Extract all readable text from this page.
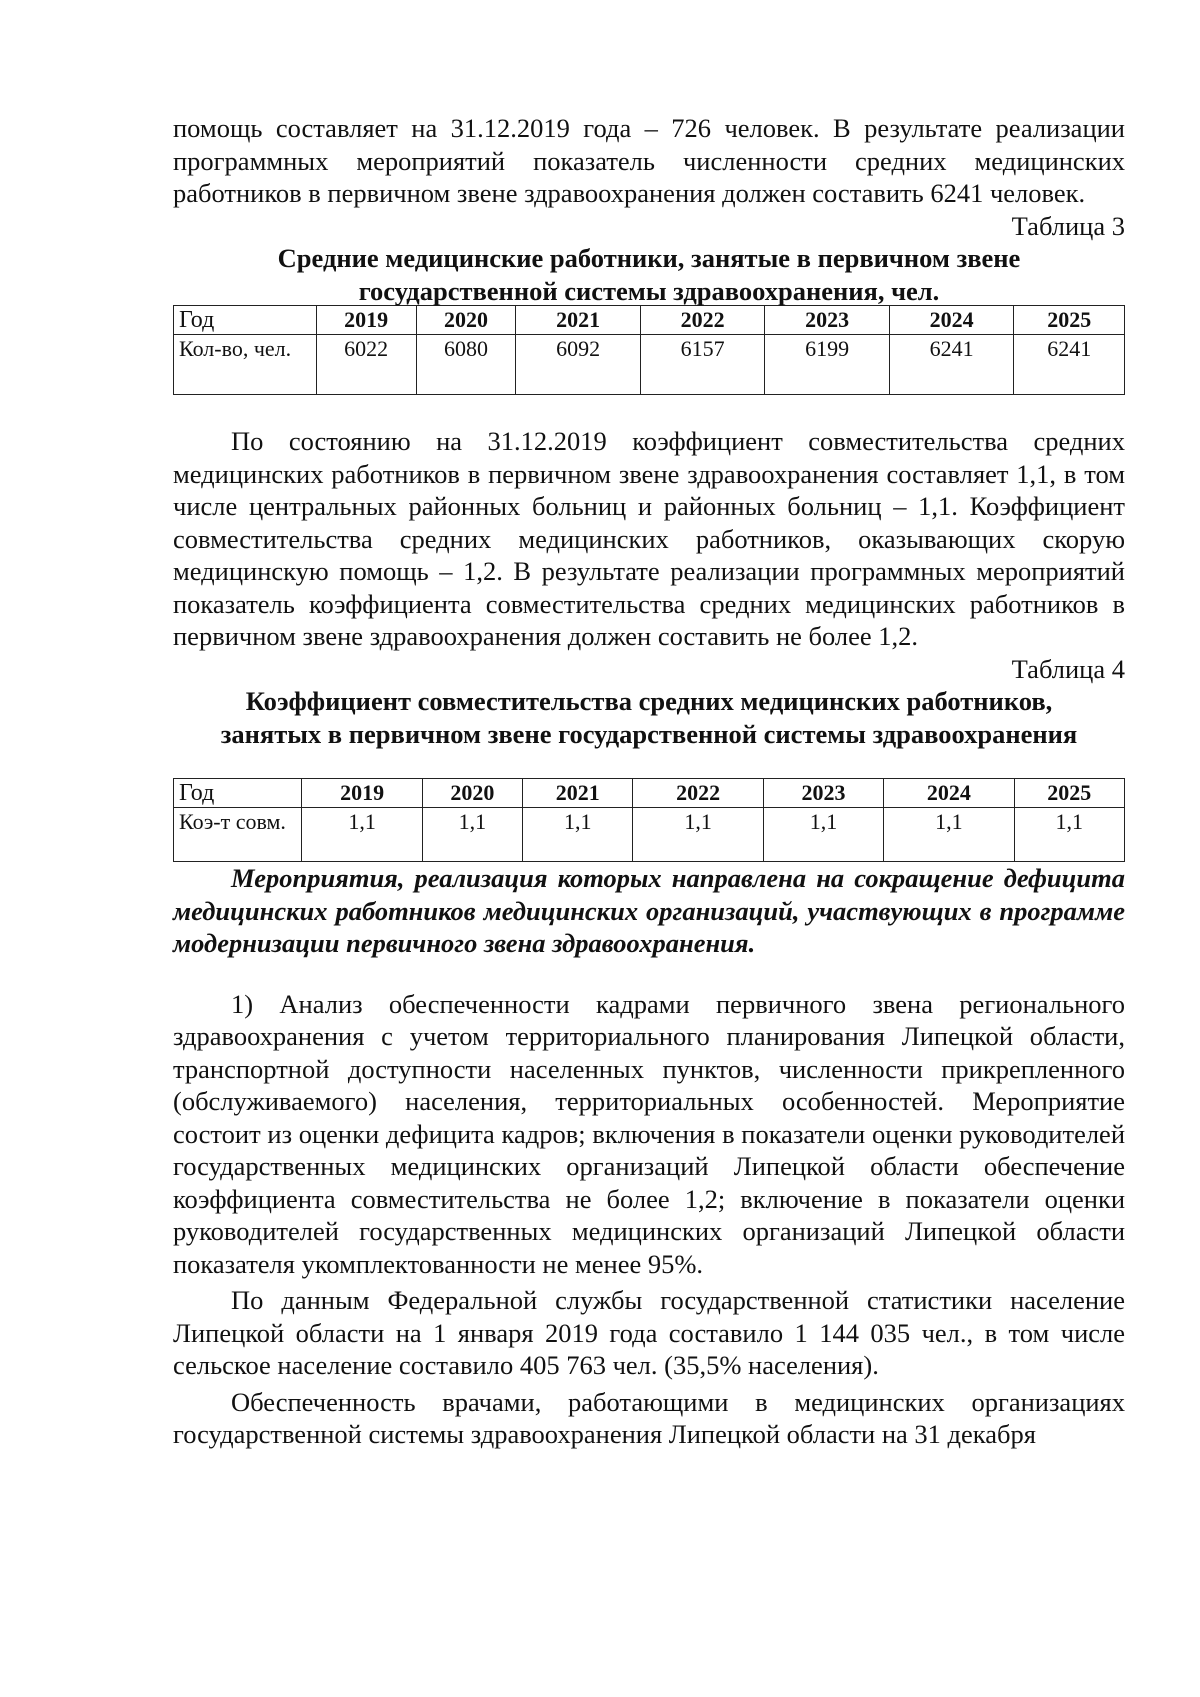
помощь составляет на 31.12.2019 года – 726 человек. В результате реализации программных мероприятий показатель численности средних медицинских работников в первичном звене здравоохранения должен составить 6241 человек.

Таблица 3

Средние медицинские работники, занятые в первичном звене

государственной системы здравоохранения, чел.

Год	2019	2020	2021	2022	2023	2024	2025
Кол-во, чел.	6022	6080	6092	6157	6199	6241	6241

По состоянию на 31.12.2019 коэффициент совместительства средних медицинских работников в первичном звене здравоохранения составляет 1,1, в том числе центральных районных больниц и районных больниц – 1,1. Коэффициент совместительства средних медицинских работников, оказывающих скорую медицинскую помощь – 1,2. В результате реализации программных мероприятий показатель коэффициента совместительства средних медицинских работников в первичном звене здравоохранения должен составить не более 1,2.

Таблица 4

Коэффициент совместительства средних медицинских работников,

занятых в первичном звене государственной системы здравоохранения

Год	2019	2020	2021	2022	2023	2024	2025
Коэ-т совм.	1,1	1,1	1,1	1,1	1,1	1,1	1,1

Мероприятия, реализация которых направлена на сокращение дефицита медицинских работников медицинских организаций, участвующих в программе модернизации первичного звена здравоохранения.

1) Анализ обеспеченности кадрами первичного звена регионального здравоохранения с учетом территориального планирования Липецкой области, транспортной доступности населенных пунктов, численности прикрепленного (обслуживаемого) населения, территориальных особенностей. Мероприятие состоит из оценки дефицита кадров; включения в показатели оценки руководителей государственных медицинских организаций Липецкой области обеспечение коэффициента совместительства не более 1,2; включение в показатели оценки руководителей государственных медицинских организаций Липецкой области показателя укомплектованности не менее 95%.

По данным Федеральной службы государственной статистики население Липецкой области на 1 января 2019 года составило 1 144 035 чел., в том числе сельское население составило 405 763 чел. (35,5% населения).

Обеспеченность врачами, работающими в медицинских организациях государственной системы здравоохранения Липецкой области на 31 декабря
